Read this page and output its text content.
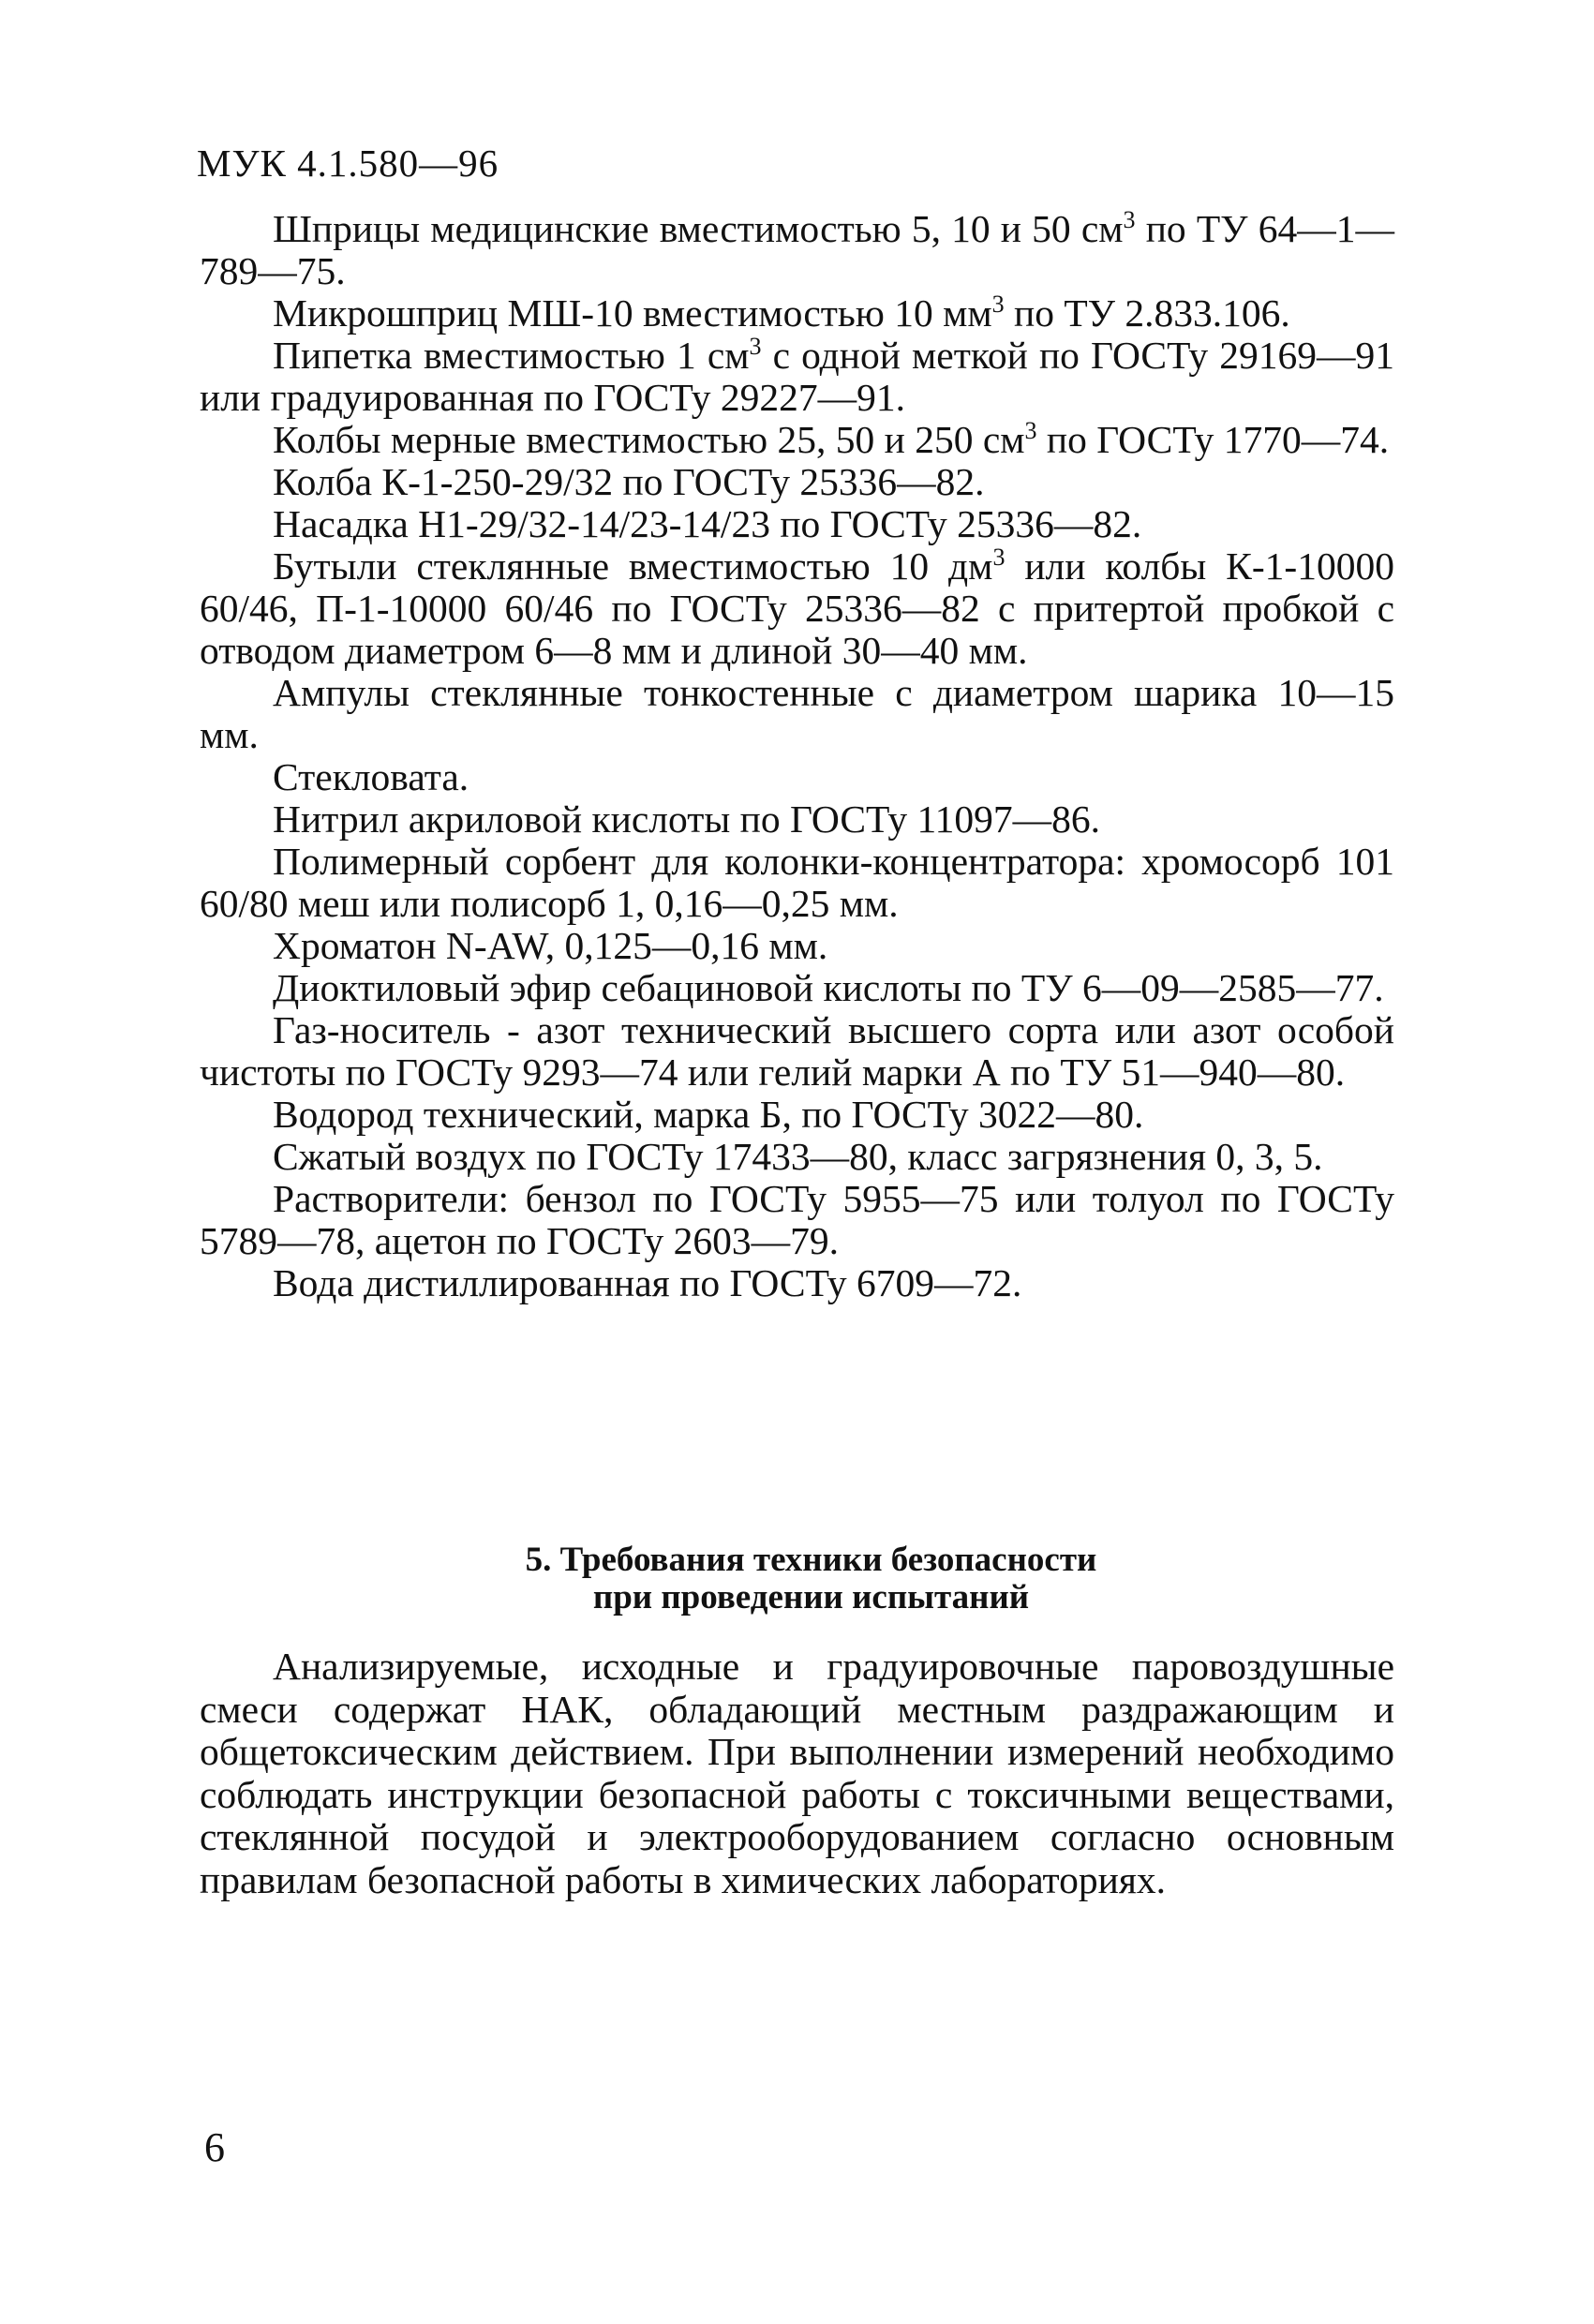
МУК 4.1.580—96

Шприцы медицинские вместимостью 5, 10 и 50 $см^3$ по ТУ 64—1—789—75.

Микрошприц МШ-10 вместимостью 10 $мм^3$ по ТУ 2.833.106.

Пипетка вместимостью 1 $см^3$ с одной меткой по ГОСТу 29169—91 или градуированная по ГОСТу 29227—91.

Колбы мерные вместимостью 25, 50 и 250 $см^3$ по ГОСТу 1770—74.

Колба К-1-250-29/32 по ГОСТу 25336—82.

Насадка Н1-29/32-14/23-14/23 по ГОСТу 25336—82.

Бутыли стеклянные вместимостью 10 $дм^3$ или колбы К-1-10000 60/46, П-1-10000 60/46 по ГОСТу 25336—82 с притертой пробкой с отводом диаметром 6—8 мм и длиной 30—40 мм.

Ампулы стеклянные тонкостенные с диаметром шарика 10—15 мм.

Стекловата.

Нитрил акриловой кислоты по ГОСТу 11097—86.

Полимерный сорбент для колонки-концентратора: хромосорб 101 60/80 меш или полисорб 1, 0,16—0,25 мм.

Хроматон N-AW, 0,125—0,16 мм.

Диоктиловый эфир себациновой кислоты по ТУ 6—09—2585—77.

Газ-носитель - азот технический высшего сорта или азот особой чистоты по ГОСТу 9293—74 или гелий марки А по ТУ 51—940—80.

Водород технический, марка Б, по ГОСТу 3022—80.

Сжатый воздух по ГОСТу 17433—80, класс загрязнения 0, 3, 5.

Растворители: бензол по ГОСТу 5955—75 или толуол по ГОСТу 5789—78, ацетон по ГОСТу 2603—79.

Вода дистиллированная по ГОСТу 6709—72.

5. Требования техники безопасности
при проведении испытаний

Анализируемые, исходные и градуировочные паровоздушные смеси содержат НАК, обладающий местным раздражающим и общетоксическим действием. При выполнении измерений необходимо соблюдать инструкции безопасной работы с токсичными веществами, стеклянной посудой и электрооборудованием согласно основным правилам безопасной работы в химических лабораториях.

6
